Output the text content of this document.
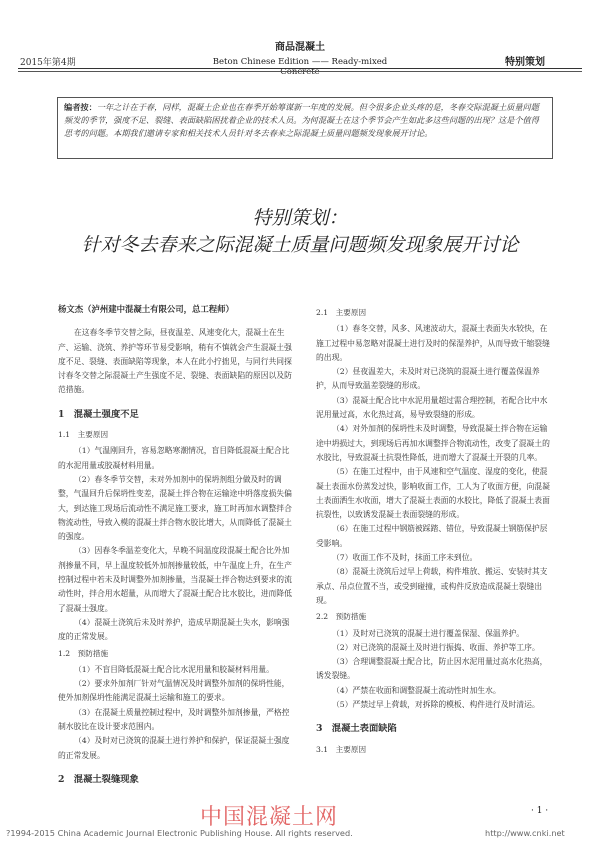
2015年第4期
商品混凝土
Beton Chinese Edition —— Ready-mixed Concrete
特别策划
编者按：一年之计在于春，同样，混凝土企业也在春季开始筹谋新一年度的发展。但令很多企业头疼的是，冬春交际混凝土质量问题频发的季节，强度不足、裂缝、表面缺陷困扰着企业的技术人员。为何混凝土在这个季节会产生如此多这些问题的出现？这是个值得思考的问题。本期我们邀请专家和相关技术人员针对冬去春来之际混凝土质量问题频发现象展开讨论。
特别策划：
针对冬去春来之际混凝土质量问题频发现象展开讨论

杨文杰（泸州建中混凝土有限公司，总工程师）

在这春冬季节交替之际，昼夜温差、风速变化大，混凝土在生产、运输、浇筑、养护等环节易受影响，稍有不慎就会产生混凝土强度不足、裂缝、表面缺陷等现象，本人在此小拧拙见，与同行共同探讨春冬交替之际混凝土产生强度不足、裂缝、表面缺陷的原因以及防范措施。

1　混凝土强度不足

1.1　主要原因

（1）气温刚回升，容易忽略寒潮情况，盲目降低混凝土配合比的水泥用量或胶凝材料用量。

（2）春冬季节交替，未对外加剂中的保坍剂组分做及时的调整，气温回升后保坍性变差，混凝土拌合物在运输途中坍落度损失偏大，到达施工现场后流动性不满足施工要求，施工时再加水调整拌合物流动性，导致入模的混凝土拌合物水胶比增大，从而降低了混凝土的强度。

（3）因春冬季温差变化大，早晚不间温度段混凝土配合比外加剂掺量不同，早上温度较低外加剂掺量较低，中午温度上升，在生产控制过程中若未及时调整外加剂掺量，当混凝土拌合物达到要求的流动性时，拌合用水超量，从而增大了混凝土配合比水胶比，进而降低了混凝土强度。

（4）混凝土浇筑后未及时养护，造成早期混凝土失水，影响强度的正常发展。

1.2　预防措施

（1）不盲目降低混凝土配合比水泥用量和胶凝材料用量。

（2）要求外加剂厂针对气温情况及时调整外加剂的保坍性能，使外加剂保坍性能满足混凝土运输和施工的要求。

（3）在混凝土质量控制过程中，及时调整外加剂掺量，严格控制水胶比在设计要求范围内。

（4）及时对已浇筑的混凝土进行养护和保护，保证混凝土强度的正常发展。

2　混凝土裂缝现象

2.1　主要原因

（1）春冬交替，风多、风速波动大，混凝土表面失水较快，在施工过程中易忽略对混凝土进行及时的保湿养护，从而导致干缩裂缝的出现。

（2）昼夜温差大，未及时对已浇筑的混凝土进行覆盖保温养护，从而导致温差裂缝的形成。

（3）混凝土配合比中水泥用量超过需合理控制，若配合比中水泥用量过高，水化热过高，易导致裂缝的形成。

（4）对外加剂的保坍性未及时调整，导致混凝土拌合物在运输途中坍损过大，到现场后再加水调整拌合物流动性，改变了混凝土的水胶比，导致混凝土抗裂性降低，进而增大了混凝土开裂的几率。

（5）在施工过程中，由于风速和空气温度、湿度的变化，使混凝土表面水份蒸发过快，影响收面工作，工人为了收面方便，向混凝土表面洒生水收面，增大了混凝土表面的水胶比，降低了混凝土表面抗裂性，以致诱发混凝土表面裂缝的形成。

（6）在施工过程中钢筋被踩踏、错位，导致混凝土钢筋保护层受影响。

（7）收面工作不及时，抹面工序未到位。

（8）混凝土浇筑后过早上荷载，构件堆放、搬运、安装时其支承点、吊点位置不当，或受到碰撞，或构件反放造成混凝土裂缝出现。

2.2　预防措施

（1）及时对已浇筑的混凝土进行覆盖保湿、保温养护。

（2）对已浇筑的混凝土及时进行振捣、收面、养护等工序。

（3）合理调整混凝土配合比，防止因水泥用量过高水化热高，诱发裂缝。

（4）严禁在收面和调整混凝土流动性时加生水。

（5）严禁过早上荷载，对拆除的模板、构件进行及时清运。

3　混凝土表面缺陷

3.1　主要原因

中国混凝土网	· 1 ·
?1994-2015 China Academic Journal Electronic Publishing House. All rights reserved.	http://www.cnki.net
